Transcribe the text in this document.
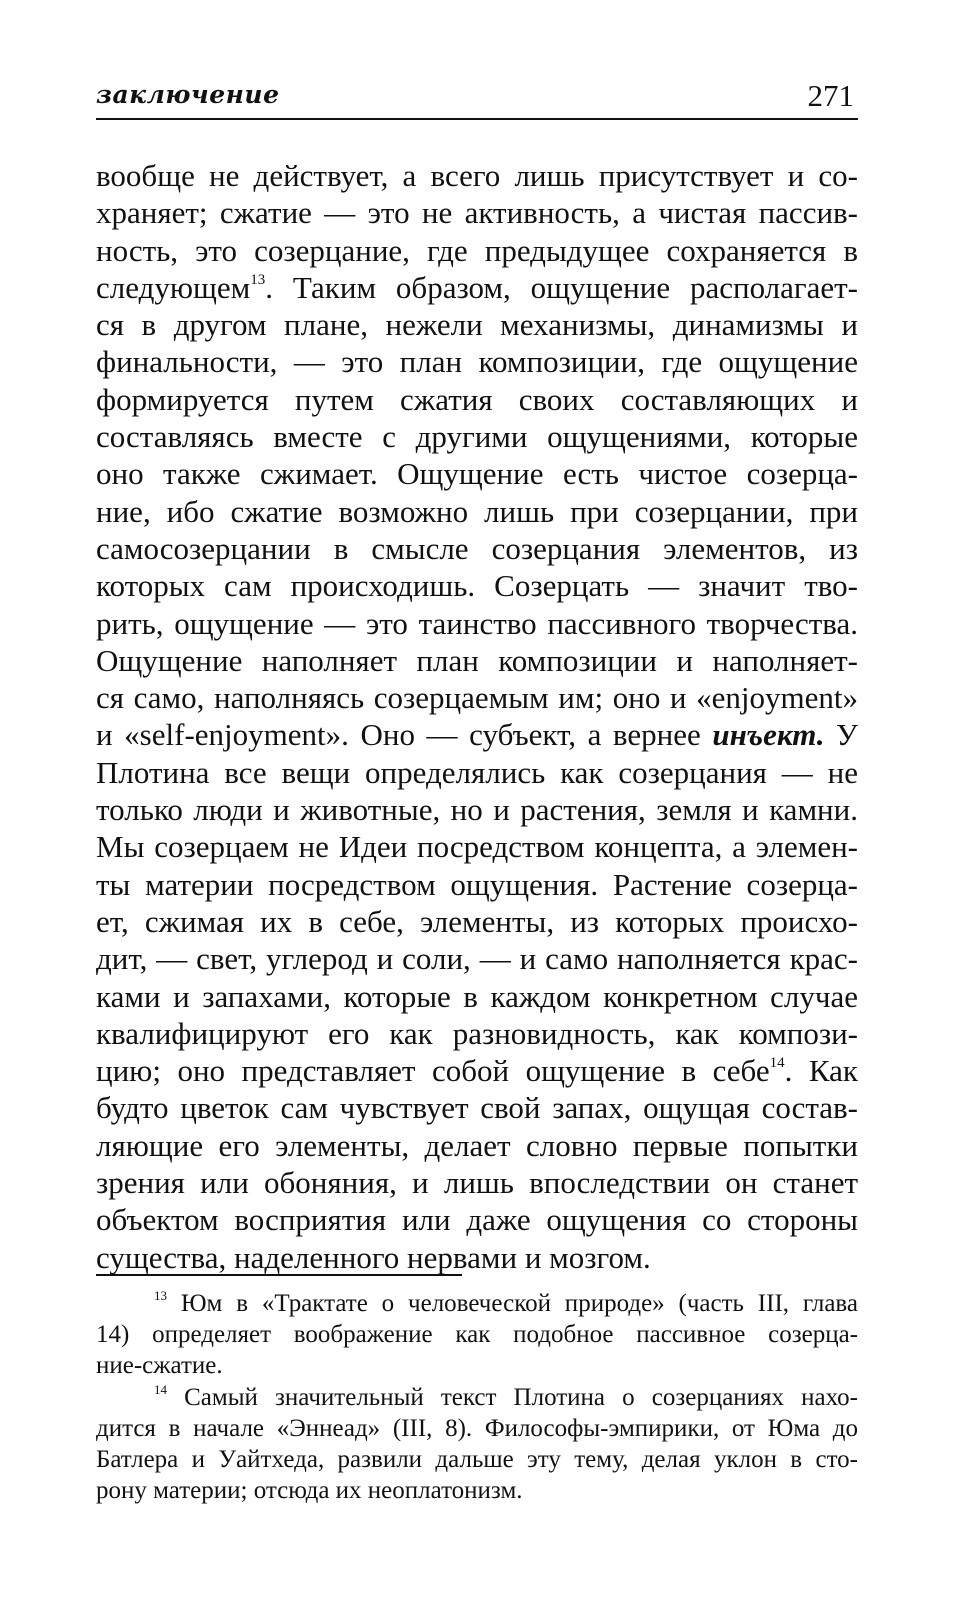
заключение	271
вообще не действует, а всего лишь присутствует и со-
храняет; сжатие — это не активность, а чистая пассив-
ность, это созерцание, где предыдущее сохраняется в
следующем$^{13}$. Таким образом, ощущение располагает-
ся в другом плане, нежели механизмы, динамизмы и
финальности, — это план композиции, где ощущение
формируется путем сжатия своих составляющих и
составляясь вместе с другими ощущениями, которые
оно также сжимает. Ощущение есть чистое созерца-
ние, ибо сжатие возможно лишь при созерцании, при
самосозерцании в смысле созерцания элементов, из
которых сам происходишь. Созерцать — значит тво-
рить, ощущение — это таинство пассивного творчества.
Ощущение наполняет план композиции и наполняет-
ся само, наполняясь созерцаемым им; оно и «enjoyment»
и «self-enjoyment». Оно — субъект, а вернее инъект. У
Плотина все вещи определялись как созерцания — не
только люди и животные, но и растения, земля и камни.
Мы созерцаем не Идеи посредством концепта, а элемен-
ты материи посредством ощущения. Растение созерца-
ет, сжимая их в себе, элементы, из которых происхо-
дит, — свет, углерод и соли, — и само наполняется крас-
ками и запахами, которые в каждом конкретном случае
квалифицируют его как разновидность, как компози-
цию; оно представляет собой ощущение в себе$^{14}$. Как
будто цветок сам чувствует свой запах, ощущая состав-
ляющие его элементы, делает словно первые попытки
зрения или обоняния, и лишь впоследствии он станет
объектом восприятия или даже ощущения со стороны
существа, наделенного нервами и мозгом.
$^{13}$ Юм в «Трактате о человеческой природе» (часть III, глава
14) определяет воображение как подобное пассивное созерца-
ние-сжатие.
$^{14}$ Самый значительный текст Плотина о созерцаниях нахо-
дится в начале «Эннеад» (III, 8). Философы-эмпирики, от Юма до
Батлера и Уайтхеда, развили дальше эту тему, делая уклон в сто-
рону материи; отсюда их неоплатонизм.
